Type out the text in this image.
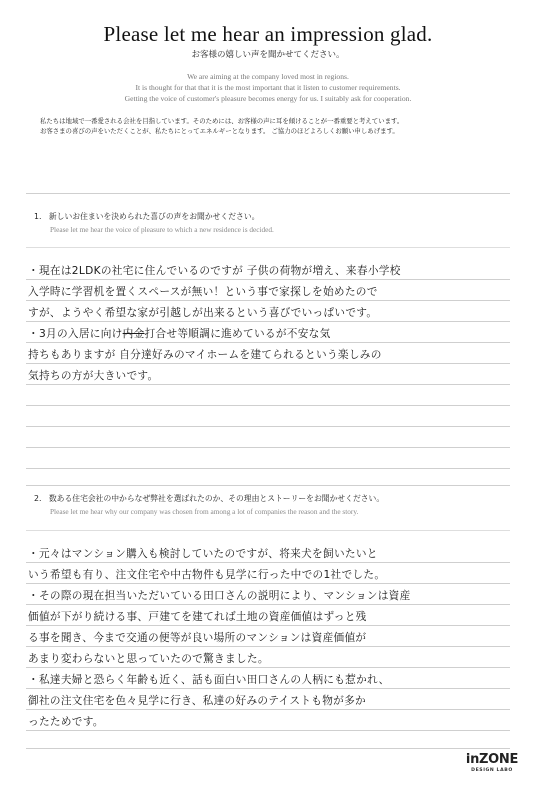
Please let me hear an impression glad.
お客様の嬉しい声を聞かせてください。
We are aiming at the company loved most in regions.
It is thought for that that it is the most important that it listen to customer requirements.
Getting the voice of customer's pleasure becomes energy for us. I suitably ask for cooperation.
私たちは地域で一番愛される会社を目指しています。そのためには、お客様の声に耳を傾けることが一番重要と考えています。
お客さまの喜びの声をいただくことが、私たちにとってエネルギーとなります。 ご協力のほどよろしくお願い申しあげます。
1. 新しいお住まいを決められた喜びの声をお聞かせください。
Please let me hear the voice of pleasure to which a new residence is decided.
・現在は2LDKの社宅に住んでいるのですが 子供の荷物が増え、来春小学校
入学時に学習机を置くスペースが無い！という事で家探しを始めたので
すが、ようやく希望な家が引越しが出来るという喜びでいっぱいです。
・3月の入居に向け内金打合せ等順調に進めているが不安な気
持ちもありますが 自分達好みのマイホームを建てられるという楽しみの
気持ちの方が大きいです。
2. 数ある住宅会社の中からなぜ弊社を選ばれたのか、その理由とストーリーをお聞かせください。
Please let me hear why our company was chosen from among a lot of companies the reason and the story.
・元々はマンション購入も検討していたのですが、将来犬を飼いたいと
いう希望も有り、注文住宅や中古物件も見学に行った中での1社でした。
・その際の現在担当いただいている田口さんの説明により、マンションは資産
価値が下がり続ける事、戸建てを建てれば土地の資産価値はずっと残
る事を聞き、今まで交通の便等が良い場所のマンションは資産価値が
あまり変わらないと思っていたので驚きました。
・私達夫婦と恐らく年齢も近く、話も面白い田口さんの人柄にも惹かれ、
御社の注文住宅を色々見学に行き、私達の好みのテイストも物が多か
ったためです。
inZONE
DESIGN LABO
